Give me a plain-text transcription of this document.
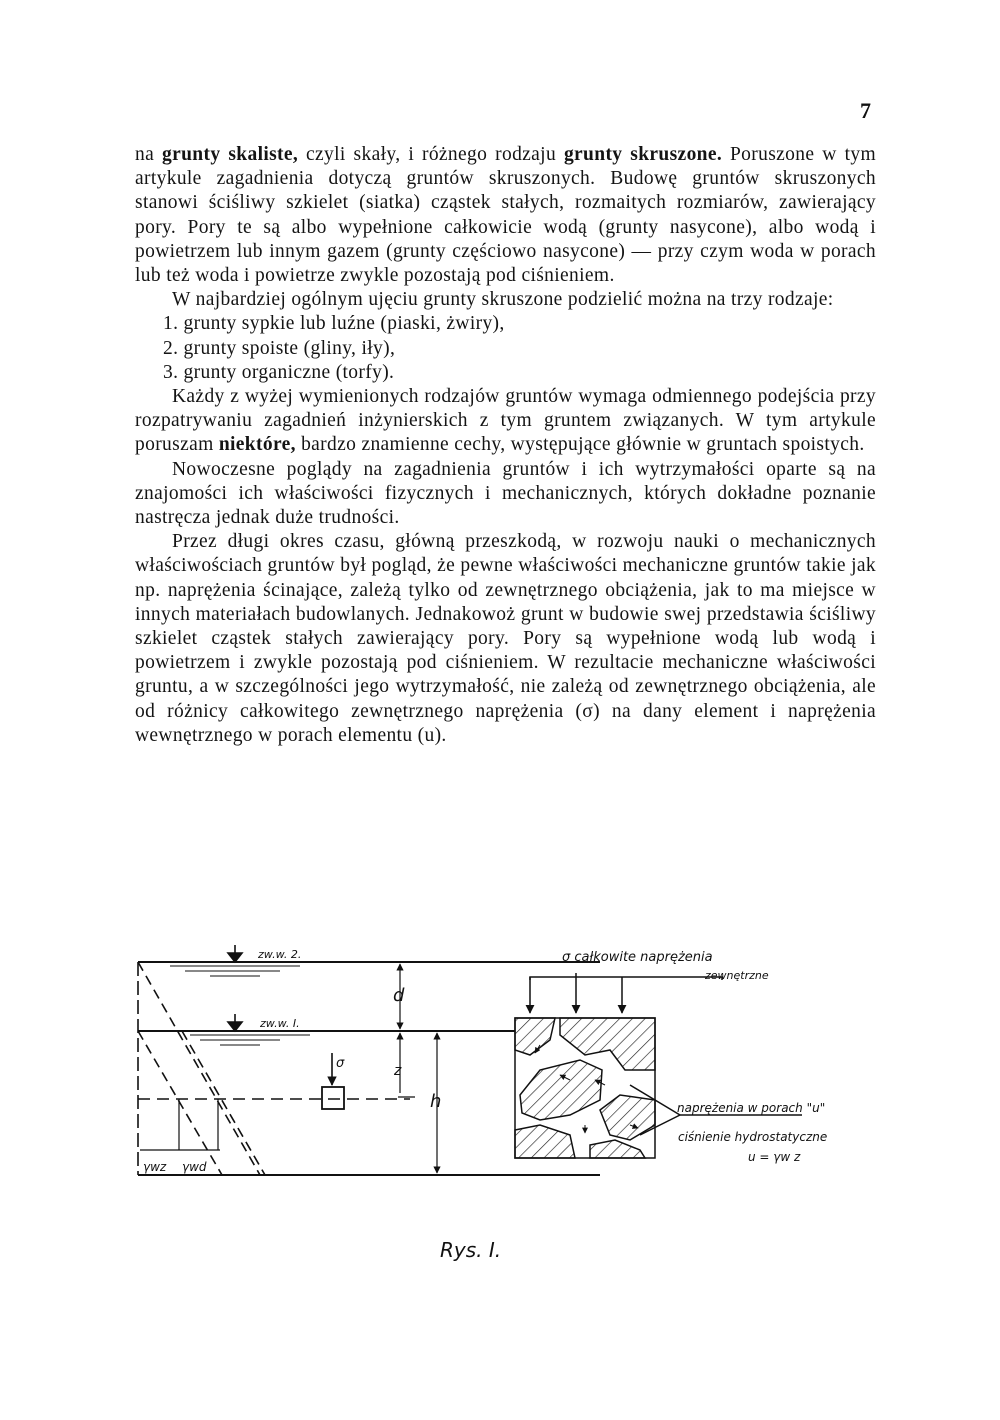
7

na grunty skaliste, czyli skały, i różnego rodzaju grunty skruszone. Poruszone w tym artykule zagadnienia dotyczą gruntów skruszonych. Budowę gruntów skruszonych stanowi ściśliwy szkielet (siatka) cząstek stałych, rozmaitych rozmiarów, zawierający pory. Pory te są albo wypełnione całkowicie wodą (grunty nasycone), albo wodą i powietrzem lub innym gazem (grunty częściowo nasycone) — przy czym woda w porach lub też woda i powietrze zwykle pozostają pod ciśnieniem.

W najbardziej ogólnym ujęciu grunty skruszone podzielić można na trzy rodzaje:

1. grunty sypkie lub luźne (piaski, żwiry),

2. grunty spoiste (gliny, iły),

3. grunty organiczne (torfy).

Każdy z wyżej wymienionych rodzajów gruntów wymaga odmiennego podejścia przy rozpatrywaniu zagadnień inżynierskich z tym gruntem związanych. W tym artykule poruszam niektóre, bardzo znamienne cechy, występujące głównie w gruntach spoistych.

Nowoczesne poglądy na zagadnienia gruntów i ich wytrzymałości oparte są na znajomości ich właściwości fizycznych i mechanicznych, których dokładne poznanie nastręcza jednak duże trudności.

Przez długi okres czasu, główną przeszkodą, w rozwoju nauki o mechanicznych właściwościach gruntów był pogląd, że pewne właściwości mechaniczne gruntów takie jak np. naprężenia ścinające, zależą tylko od zewnętrznego obciążenia, jak to ma miejsce w innych materiałach budowlanych. Jednakowoż grunt w budowie swej przedstawia ściśliwy szkielet cząstek stałych zawierający pory. Pory są wypełnione wodą lub wodą i powietrzem i zwykle pozostają pod ciśnieniem. W rezultacie mechaniczne właściwości gruntu, a w szczególności jego wytrzymałość, nie zależą od zewnętrznego obciążenia, ale od różnicy całkowitego zewnętrznego naprężenia (σ) na dany element i naprężenia wewnętrznego w porach elementu (u).

zw.w. 2.
zw.w. I.
d
z
h
σ
γwz γwd
σ całkowite naprężenia
zewnętrzne
naprężenia w porach "u"
ciśnienie hydrostatyczne
u = γw z
Rys. I.
